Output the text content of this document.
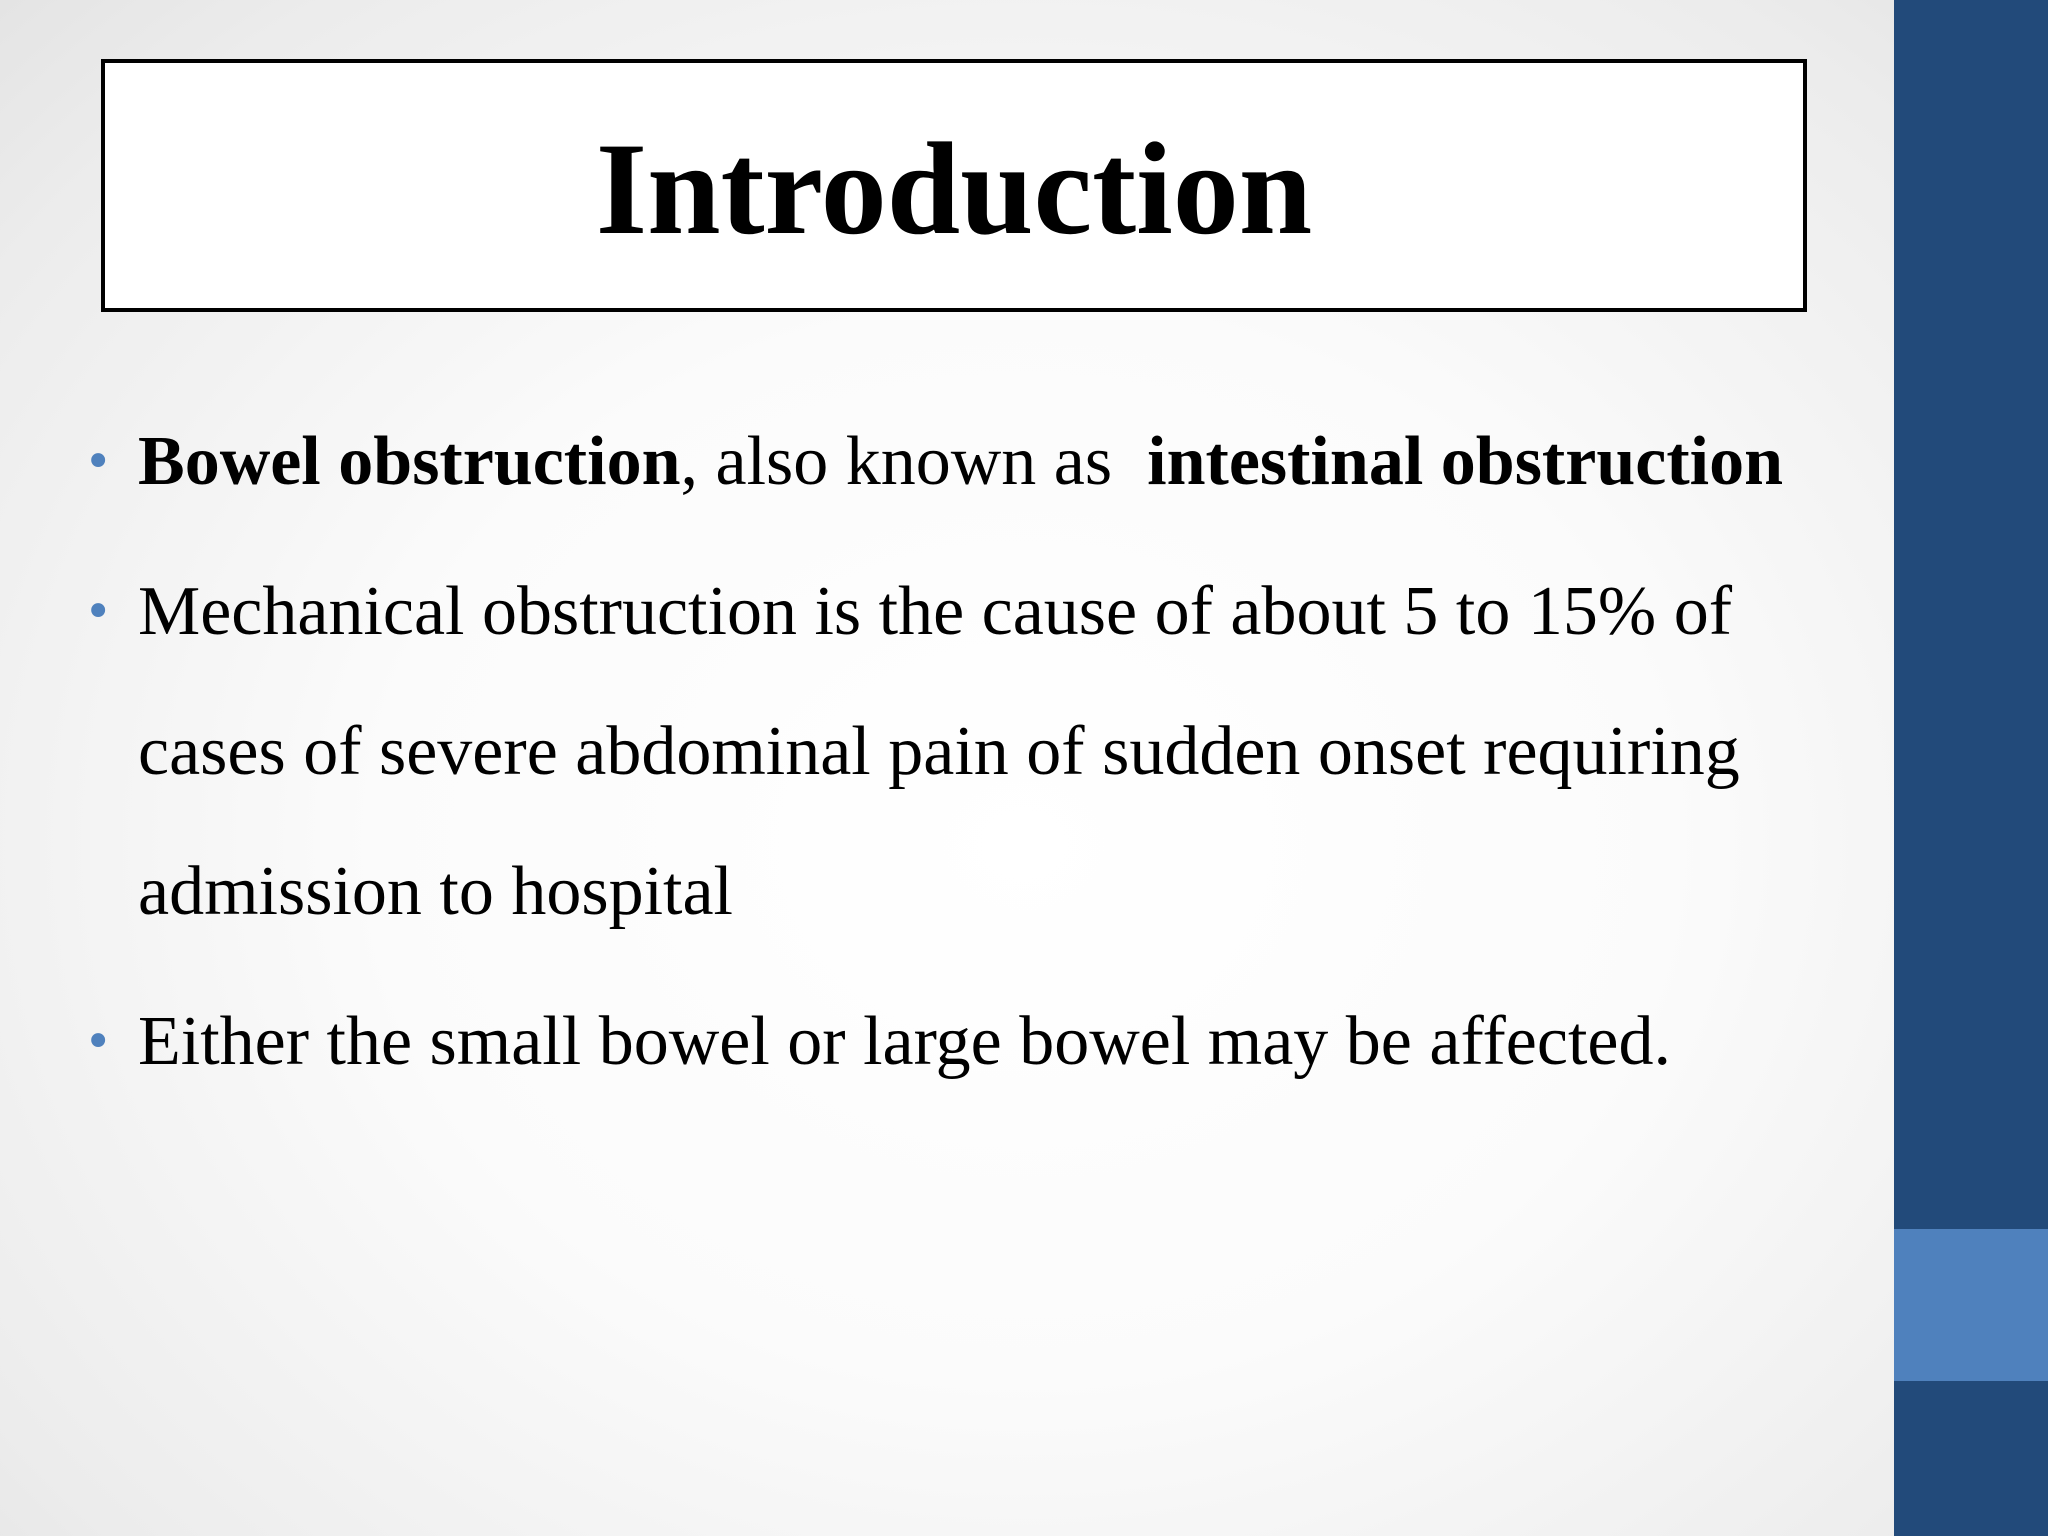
Introduction
• Bowel obstruction, also known as  intestinal obstruction
• Mechanical obstruction is the cause of about 5 to 15% of cases of severe abdominal pain of sudden onset requiring admission to hospital
• Either the small bowel or large bowel may be affected.
